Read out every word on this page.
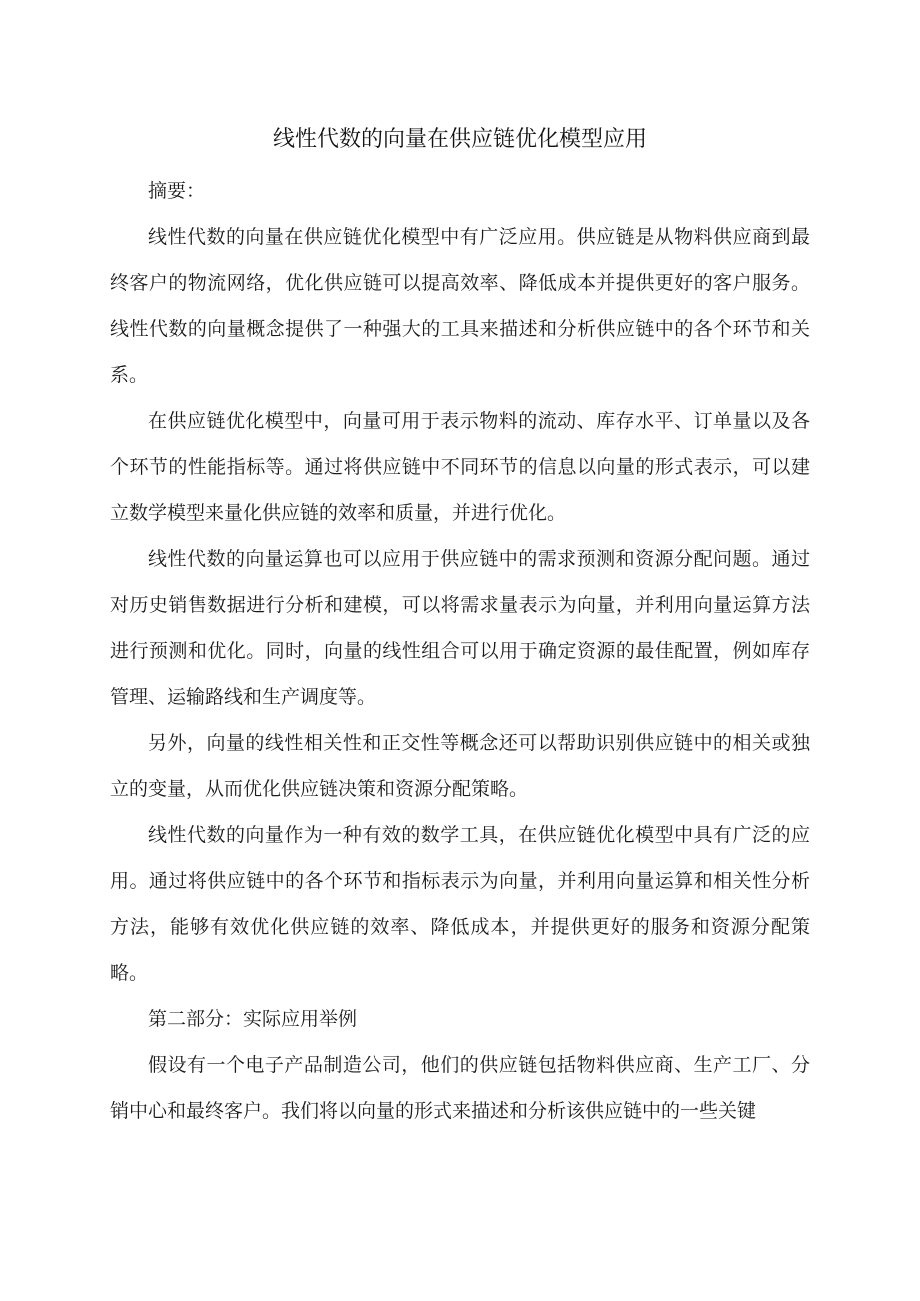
线性代数的向量在供应链优化模型应用

摘要：

线性代数的向量在供应链优化模型中有广泛应用。供应链是从物料供应商到最终客户的物流网络，优化供应链可以提高效率、降低成本并提供更好的客户服务。线性代数的向量概念提供了一种强大的工具来描述和分析供应链中的各个环节和关系。

在供应链优化模型中，向量可用于表示物料的流动、库存水平、订单量以及各个环节的性能指标等。通过将供应链中不同环节的信息以向量的形式表示，可以建立数学模型来量化供应链的效率和质量，并进行优化。

线性代数的向量运算也可以应用于供应链中的需求预测和资源分配问题。通过对历史销售数据进行分析和建模，可以将需求量表示为向量，并利用向量运算方法进行预测和优化。同时，向量的线性组合可以用于确定资源的最佳配置，例如库存管理、运输路线和生产调度等。

另外，向量的线性相关性和正交性等概念还可以帮助识别供应链中的相关或独立的变量，从而优化供应链决策和资源分配策略。

线性代数的向量作为一种有效的数学工具，在供应链优化模型中具有广泛的应用。通过将供应链中的各个环节和指标表示为向量，并利用向量运算和相关性分析方法，能够有效优化供应链的效率、降低成本，并提供更好的服务和资源分配策略。

第二部分：实际应用举例

假设有一个电子产品制造公司，他们的供应链包括物料供应商、生产工厂、分销中心和最终客户。我们将以向量的形式来描述和分析该供应链中的一些关键
